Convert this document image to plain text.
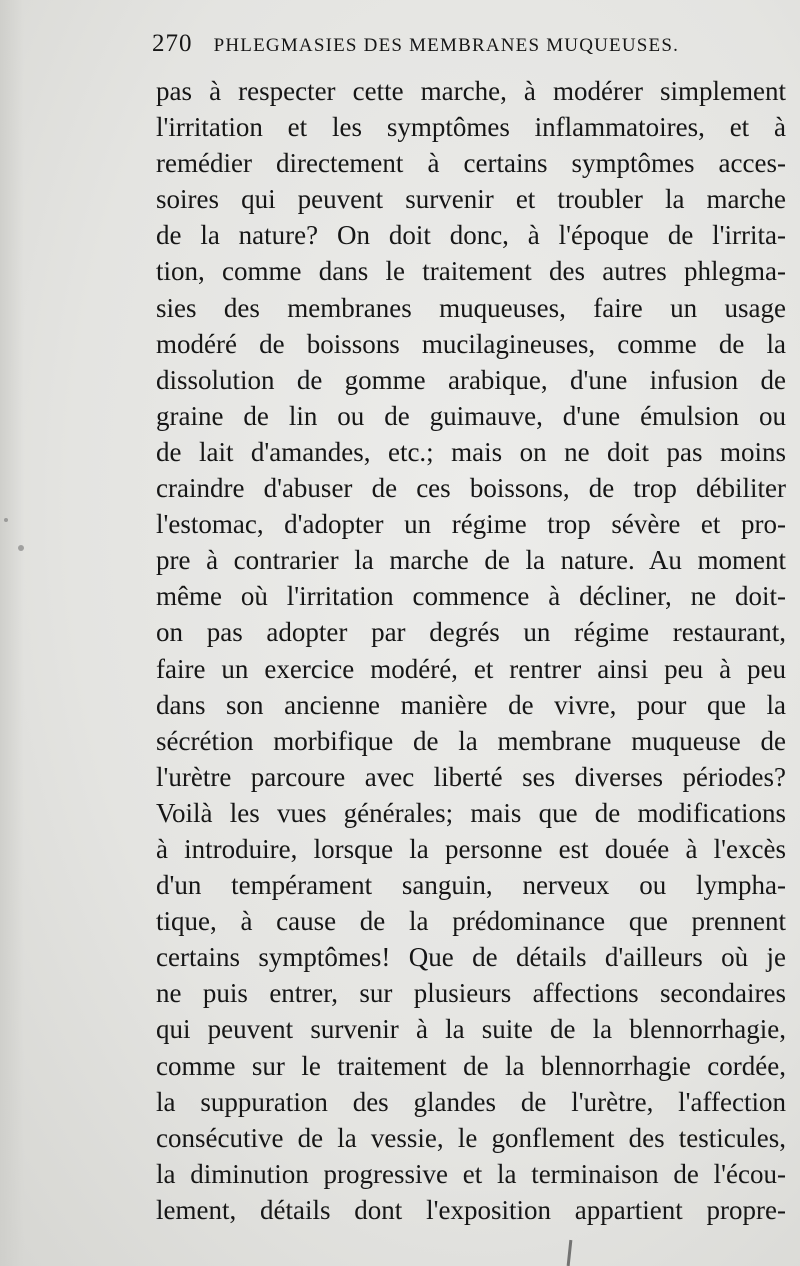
270 PHLEGMASIES DES MEMBRANES MUQUEUSES.
pas à respecter cette marche, à modérer simplement
l'irritation et les symptômes inflammatoires, et à
remédier directement à certains symptômes acces-
soires qui peuvent survenir et troubler la marche
de la nature? On doit donc, à l'époque de l'irrita-
tion, comme dans le traitement des autres phlegma-
sies des membranes muqueuses, faire un usage
modéré de boissons mucilagineuses, comme de la
dissolution de gomme arabique, d'une infusion de
graine de lin ou de guimauve, d'une émulsion ou
de lait d'amandes, etc.; mais on ne doit pas moins
craindre d'abuser de ces boissons, de trop débiliter
l'estomac, d'adopter un régime trop sévère et pro-
pre à contrarier la marche de la nature. Au moment
même où l'irritation commence à décliner, ne doit-
on pas adopter par degrés un régime restaurant,
faire un exercice modéré, et rentrer ainsi peu à peu
dans son ancienne manière de vivre, pour que la
sécrétion morbifique de la membrane muqueuse de
l'urètre parcoure avec liberté ses diverses périodes?
Voilà les vues générales; mais que de modifications
à introduire, lorsque la personne est douée à l'excès
d'un tempérament sanguin, nerveux ou lympha-
tique, à cause de la prédominance que prennent
certains symptômes! Que de détails d'ailleurs où je
ne puis entrer, sur plusieurs affections secondaires
qui peuvent survenir à la suite de la blennorrhagie,
comme sur le traitement de la blennorrhagie cordée,
la suppuration des glandes de l'urètre, l'affection
consécutive de la vessie, le gonflement des testicules,
la diminution progressive et la terminaison de l'écou-
lement, détails dont l'exposition appartient propre-
